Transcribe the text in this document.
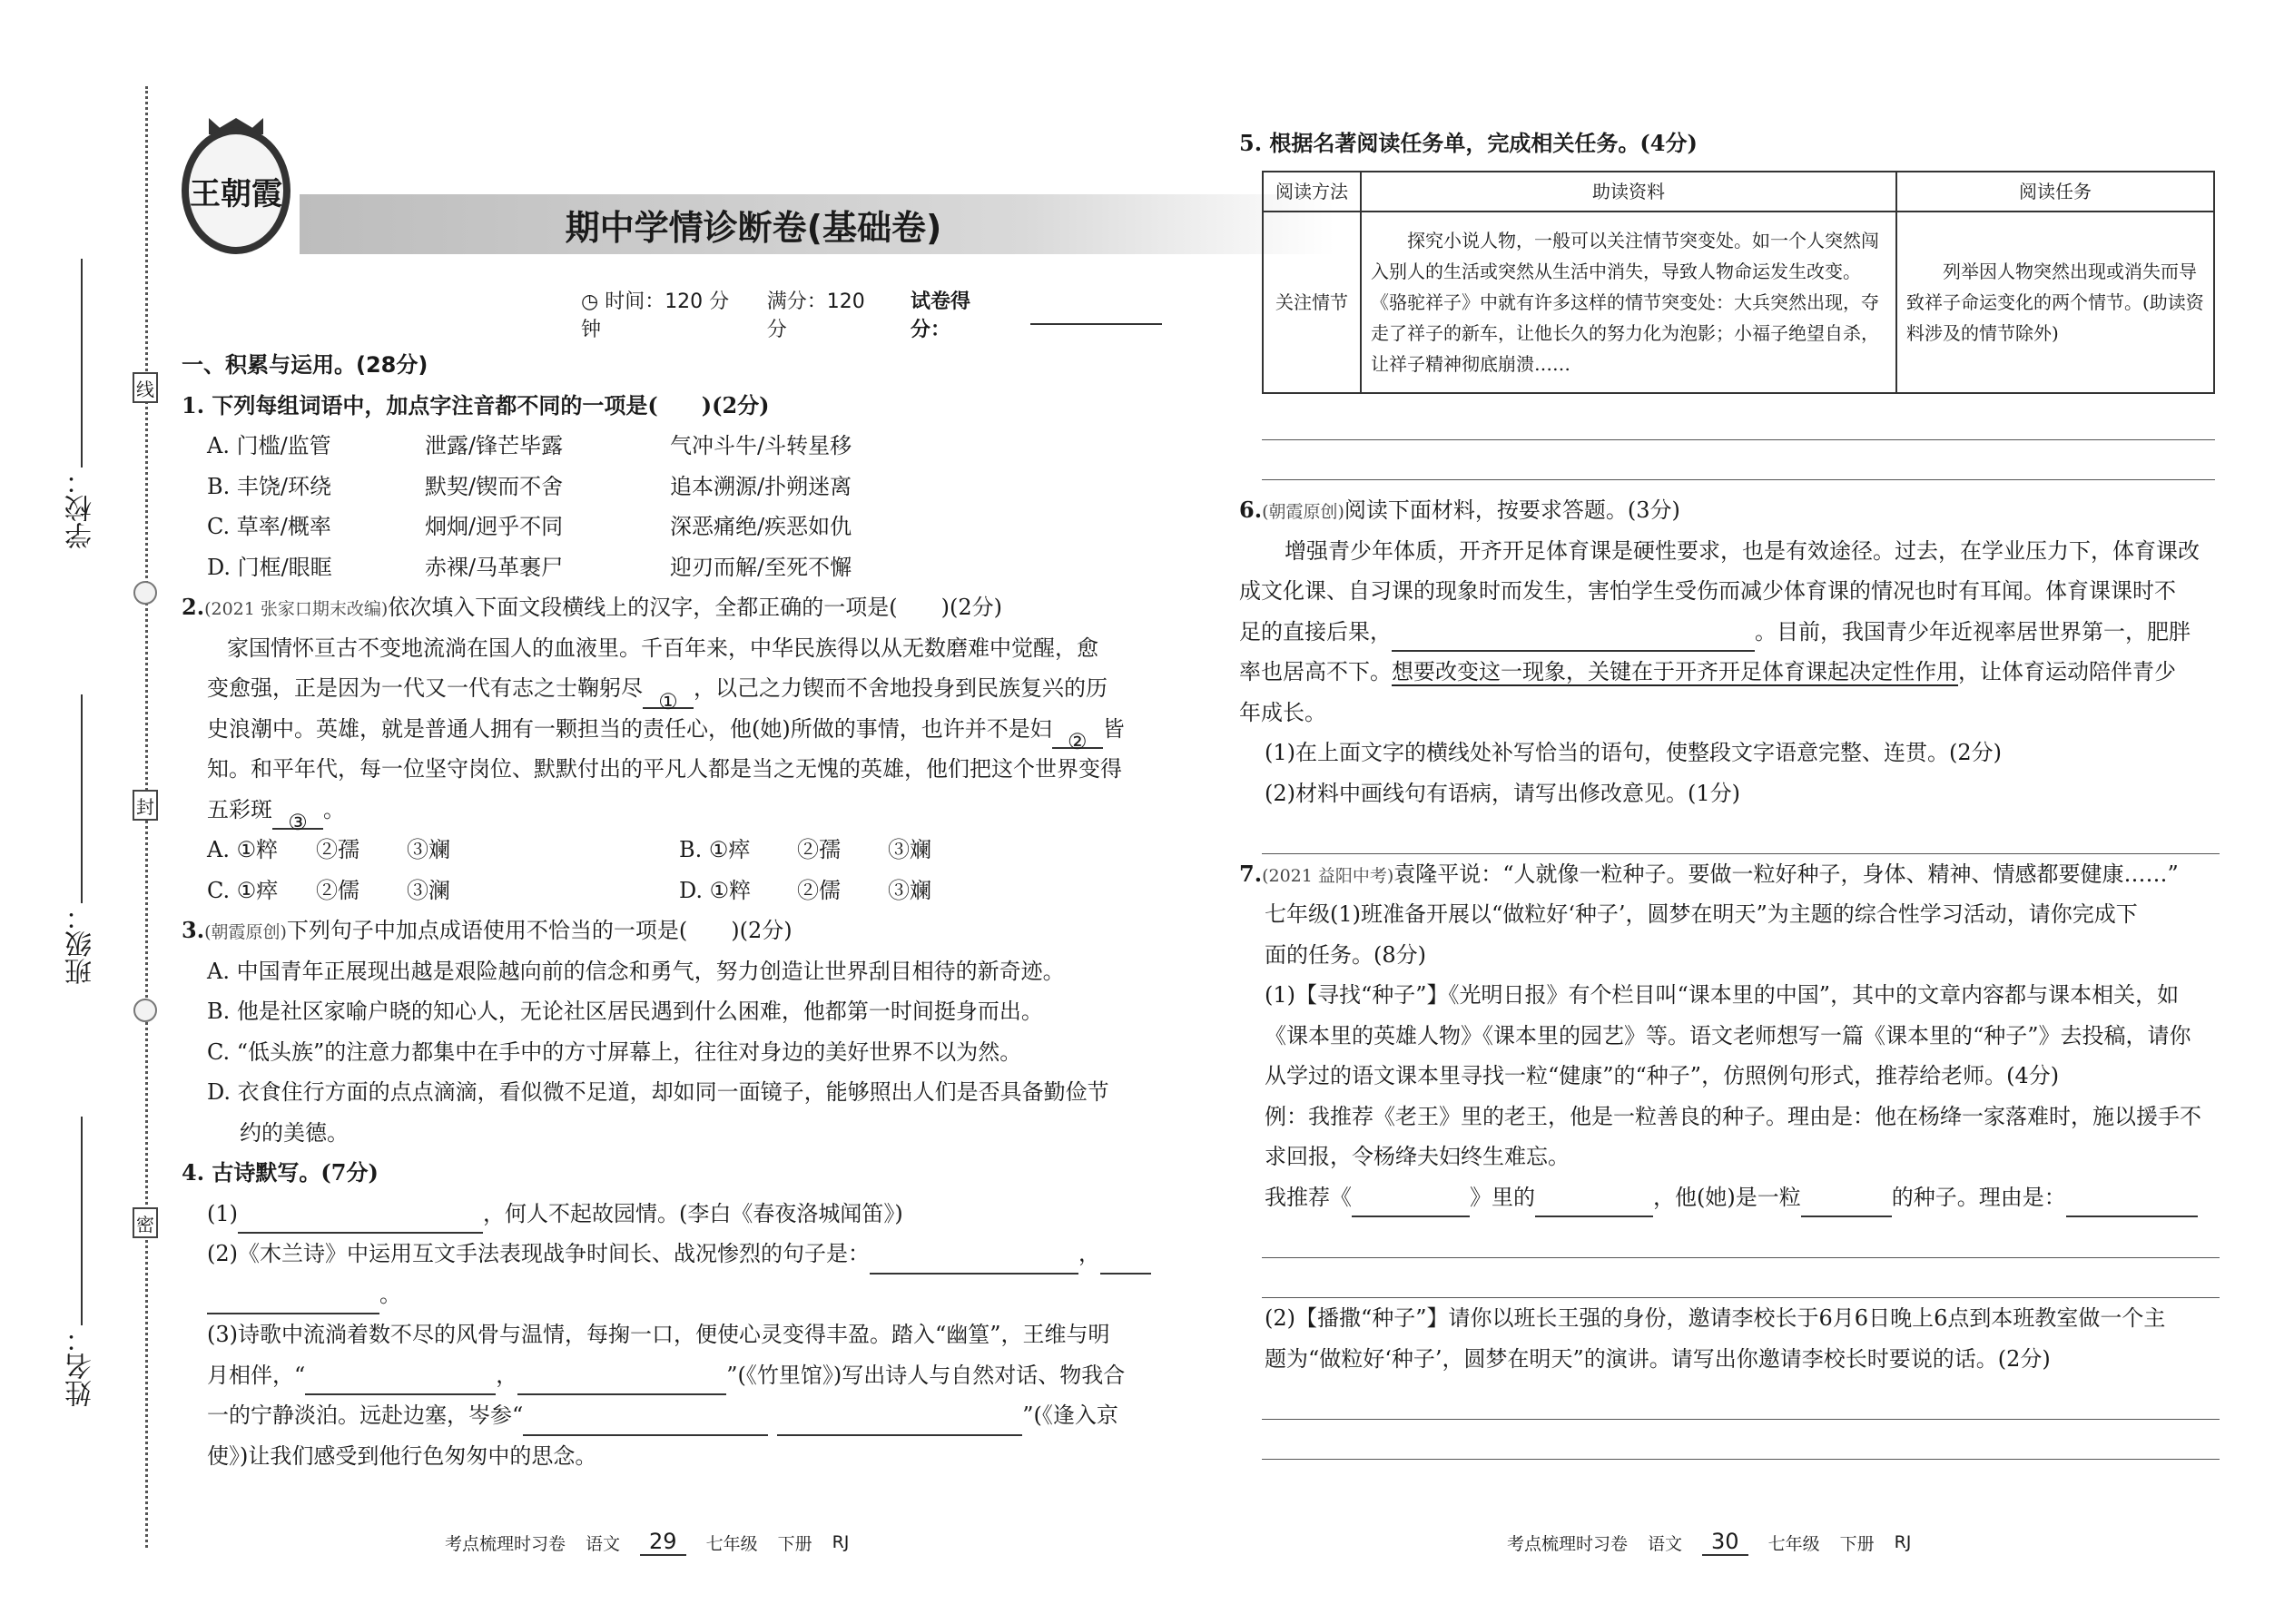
线
封
密
学校：
班级：
姓名：
王朝霞
期中学情诊断卷(基础卷)
◷ 时间：120 分钟
满分：120 分
试卷得分：
一、积累与运用。(28分)
1. 下列每组词语中，加点字注音都不同的一项是(　　)(2分)
A. 门槛/监管	泄露/锋芒毕露	气冲斗牛/斗转星移
B. 丰饶/环绕	默契/锲而不舍	追本溯源/扑朔迷离
C. 草率/概率	炯炯/迥乎不同	深恶痛绝/疾恶如仇
D. 门框/眼眶	赤裸/马革裹尸	迎刃而解/至死不懈
2.(2021 张家口期末改编)依次填入下面文段横线上的汉字，全都正确的一项是(　　)(2分)
家国情怀亘古不变地流淌在国人的血液里。千百年来，中华民族得以从无数磨难中觉醒，愈
变愈强，正是因为一代又一代有志之士鞠躬尽①，以己之力锲而不舍地投身到民族复兴的历
史浪潮中。英雄，就是普通人拥有一颗担当的责任心，他(她)所做的事情，也许并不是妇②皆
知。和平年代，每一位坚守岗位、默默付出的平凡人都是当之无愧的英雄，他们把这个世界变得
五彩斑③。
A. ①粹 ②孺 ③斓	B. ①瘁 ②孺 ③斓
C. ①瘁 ②儒 ③澜	D. ①粹 ②儒 ③斓
3.(朝霞原创)下列句子中加点成语使用不恰当的一项是(　　)(2分)
A. 中国青年正展现出越是艰险越向前的信念和勇气，努力创造让世界刮目相待的新奇迹。
B. 他是社区家喻户晓的知心人，无论社区居民遇到什么困难，他都第一时间挺身而出。
C. “低头族”的注意力都集中在手中的方寸屏幕上，往往对身边的美好世界不以为然。
D. 衣食住行方面的点点滴滴，看似微不足道，却如同一面镜子，能够照出人们是否具备勤俭节
约的美德。
4. 古诗默写。(7分)
(1)	，何人不起故园情。(李白《春夜洛城闻笛》)
(2)《木兰诗》中运用互文手法表现战争时间长、战况惨烈的句子是：	，
。
(3)诗歌中流淌着数不尽的风骨与温情，每掬一口，便使心灵变得丰盈。踏入“幽篁”，王维与明
月相伴，“	，	”(《竹里馆》)写出诗人与自然对话、物我合
一的宁静淡泊。远赴边塞，岑参“	”(《逢入京
使》)让我们感受到他行色匆匆中的思念。
考点梳理时习卷 语文	29	七年级 下册 RJ
5. 根据名著阅读任务单，完成相关任务。(4分)
阅读方法	助读资料	阅读任务
关注情节	探究小说人物，一般可以关注情节突变处。如一个人突然闯入别人的生活或突然从生活中消失，导致人物命运发生改变。《骆驼祥子》中就有许多这样的情节突变处：大兵突然出现，夺走了祥子的新车，让他长久的努力化为泡影；小福子绝望自杀，让祥子精神彻底崩溃……	列举因人物突然出现或消失而导致祥子命运变化的两个情节。(助读资料涉及的情节除外)
6.(朝霞原创)阅读下面材料，按要求答题。(3分)
增强青少年体质，开齐开足体育课是硬性要求，也是有效途径。过去，在学业压力下，体育课改
成文化课、自习课的现象时而发生，害怕学生受伤而减少体育课的情况也时有耳闻。体育课课时不
足的直接后果，	。目前，我国青少年近视率居世界第一，肥胖
率也居高不下。想要改变这一现象，关键在于开齐开足体育课起决定性作用，让体育运动陪伴青少
年成长。
(1)在上面文字的横线处补写恰当的语句，使整段文字语意完整、连贯。(2分)
(2)材料中画线句有语病，请写出修改意见。(1分)
7.(2021 益阳中考)袁隆平说：“人就像一粒种子。要做一粒好种子，身体、精神、情感都要健康……”
七年级(1)班准备开展以“做粒好‘种子’，圆梦在明天”为主题的综合性学习活动，请你完成下
面的任务。(8分)
(1)【寻找“种子”】《光明日报》有个栏目叫“课本里的中国”，其中的文章内容都与课本相关，如
《课本里的英雄人物》《课本里的园艺》等。语文老师想写一篇《课本里的“种子”》去投稿，请你
从学过的语文课本里寻找一粒“健康”的“种子”，仿照例句形式，推荐给老师。(4分)
例：我推荐《老王》里的老王，他是一粒善良的种子。理由是：他在杨绛一家落难时，施以援手不
求回报，令杨绛夫妇终生难忘。
我推荐《	》里的	，他(她)是一粒	的种子。理由是：
(2)【播撒“种子”】请你以班长王强的身份，邀请李校长于6月6日晚上6点到本班教室做一个主
题为“做粒好‘种子’，圆梦在明天”的演讲。请写出你邀请李校长时要说的话。(2分)
考点梳理时习卷 语文	30	七年级 下册 RJ
